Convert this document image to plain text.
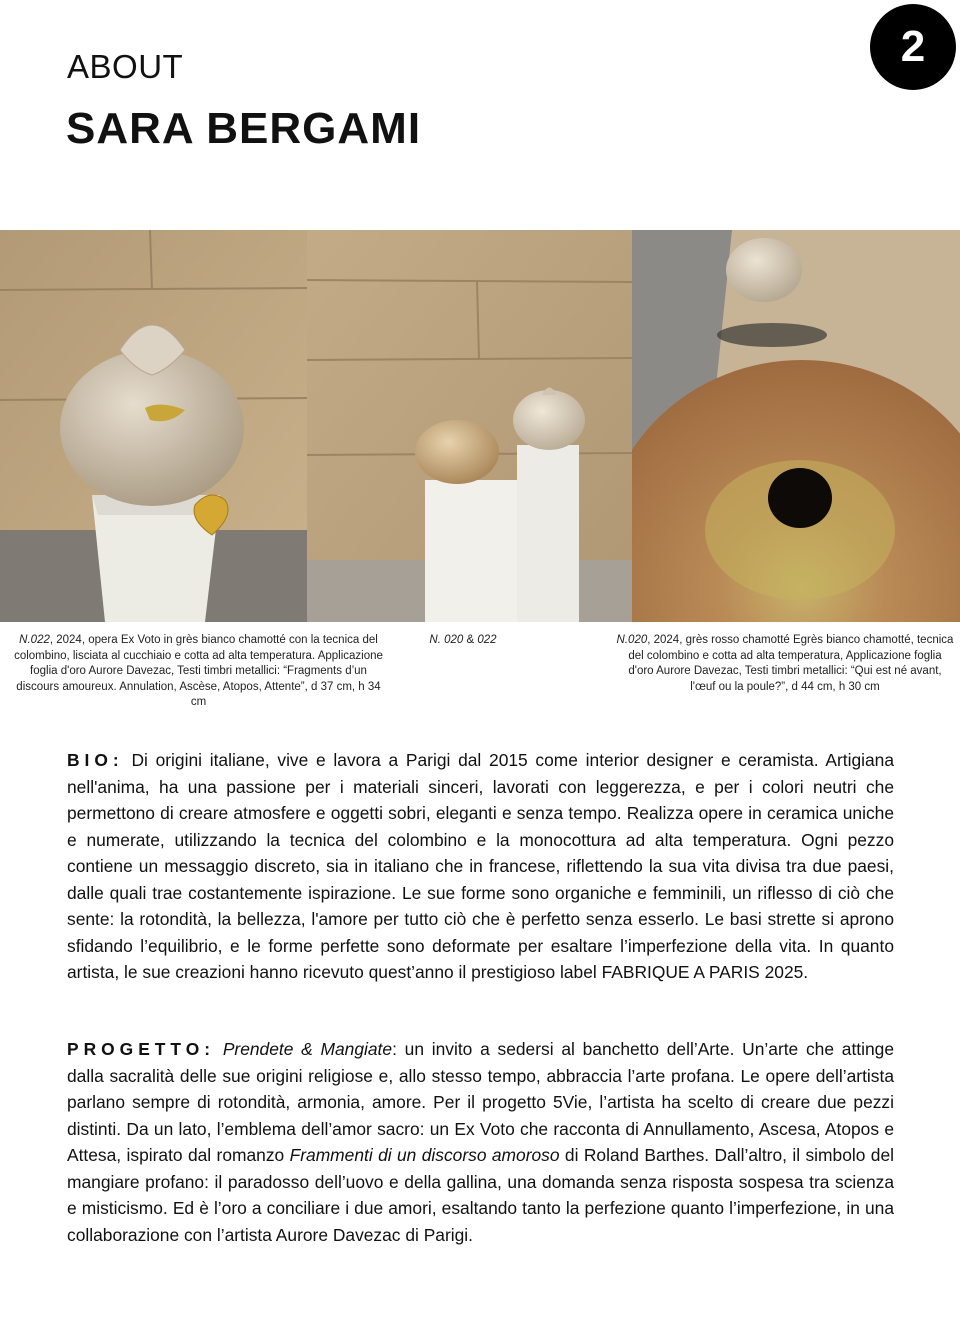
2
ABOUT
SARA BERGAMI
N.022, 2024, opera Ex Voto in grès bianco chamotté con la tecnica del colombino, lisciata al cucchiaio e cotta ad alta temperatura. Applicazione foglia d'oro Aurore Davezac, Testi timbri metallici: “Fragments d’un discours amoureux. Annulation, Ascèse, Atopos, Attente”, d 37 cm, h 34 cm
N. 020 & 022	N.020, 2024, grès rosso chamotté Egrès bianco chamotté, tecnica del colombino e cotta ad alta temperatura, Applicazione foglia d'oro Aurore Davezac, Testi timbri metallici: “Qui est né avant, l'œuf ou la poule?”, d 44 cm, h 30 cm

BIO: Di origini italiane, vive e lavora a Parigi dal 2015 come interior designer e ceramista. Artigiana nell'anima, ha una passione per i materiali sinceri, lavorati con leggerezza, e per i colori neutri che permettono di creare atmosfere e oggetti sobri, eleganti e senza tempo. Realizza opere in ceramica uniche e numerate, utilizzando la tecnica del colombino e la monocottura ad alta temperatura. Ogni pezzo contiene un messaggio discreto, sia in italiano che in francese, riflettendo la sua vita divisa tra due paesi, dalle quali trae costantemente ispirazione. Le sue forme sono organiche e femminili, un riflesso di ciò che sente: la rotondità, la bellezza, l'amore per tutto ciò che è perfetto senza esserlo. Le basi strette si aprono sfidando l’equilibrio, e le forme perfette sono deformate per esaltare l’imperfezione della vita. In quanto artista, le sue creazioni hanno ricevuto quest’anno il prestigioso label FABRIQUE A PARIS 2025.

PROGETTO: Prendete & Mangiate: un invito a sedersi al banchetto dell’Arte. Un’arte che attinge dalla sacralità delle sue origini religiose e, allo stesso tempo, abbraccia l’arte profana. Le opere dell’artista parlano sempre di rotondità, armonia, amore. Per il progetto 5Vie, l’artista ha scelto di creare due pezzi distinti. Da un lato, l’emblema dell’amor sacro: un Ex Voto che racconta di Annullamento, Ascesa, Atopos e Attesa, ispirato dal romanzo Frammenti di un discorso amoroso di Roland Barthes. Dall’altro, il simbolo del mangiare profano: il paradosso dell’uovo e della gallina, una domanda senza risposta sospesa tra scienza e misticismo. Ed è l’oro a conciliare i due amori, esaltando tanto la perfezione quanto l’imperfezione, in una collaborazione con l’artista Aurore Davezac di Parigi.
